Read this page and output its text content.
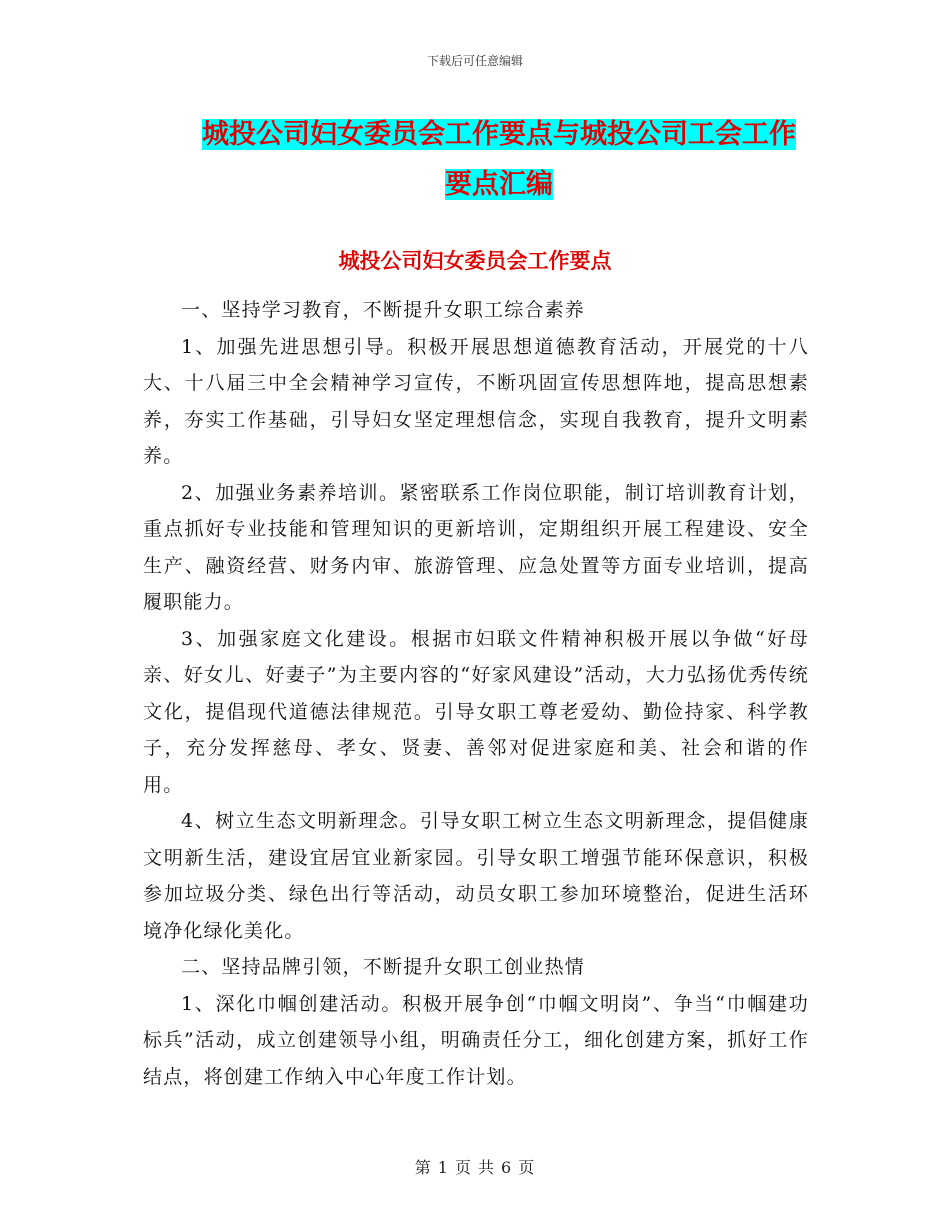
下载后可任意编辑
城投公司妇女委员会工作要点与城投公司工会工作要点汇编
城投公司妇女委员会工作要点

一、坚持学习教育，不断提升女职工综合素养

1、加强先进思想引导。积极开展思想道德教育活动，开展党的十八大、十八届三中全会精神学习宣传，不断巩固宣传思想阵地，提高思想素养，夯实工作基础，引导妇女坚定理想信念，实现自我教育，提升文明素养。

2、加强业务素养培训。紧密联系工作岗位职能，制订培训教育计划，重点抓好专业技能和管理知识的更新培训，定期组织开展工程建设、安全生产、融资经营、财务内审、旅游管理、应急处置等方面专业培训，提高履职能力。

3、加强家庭文化建设。根据市妇联文件精神积极开展以争做“好母亲、好女儿、好妻子”为主要内容的“好家风建设”活动，大力弘扬优秀传统文化，提倡现代道德法律规范。引导女职工尊老爱幼、勤俭持家、科学教子，充分发挥慈母、孝女、贤妻、善邻对促进家庭和美、社会和谐的作用。

4、树立生态文明新理念。引导女职工树立生态文明新理念，提倡健康文明新生活，建设宜居宜业新家园。引导女职工增强节能环保意识，积极参加垃圾分类、绿色出行等活动，动员女职工参加环境整治，促进生活环境净化绿化美化。

二、坚持品牌引领，不断提升女职工创业热情

1、深化巾帼创建活动。积极开展争创“巾帼文明岗”、争当“巾帼建功标兵”活动，成立创建领导小组，明确责任分工，细化创建方案，抓好工作结点，将创建工作纳入中心年度工作计划。

第 1 页 共 6 页
